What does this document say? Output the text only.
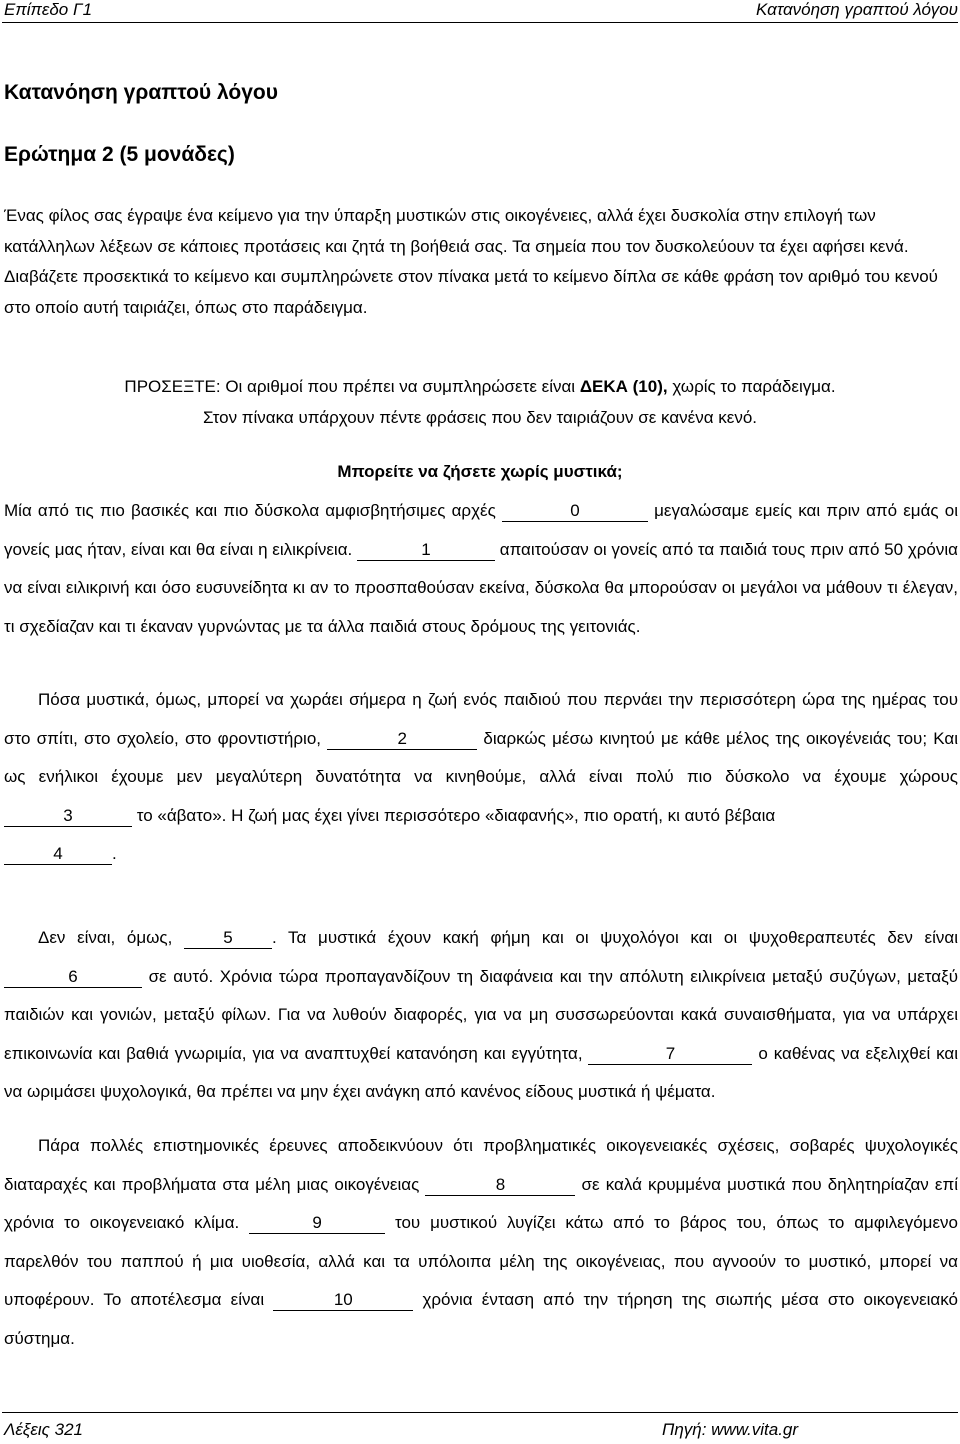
Επίπεδο Γ1	Κατανόηση γραπτού λόγου
Κατανόηση γραπτού λόγου
Ερώτημα 2 (5 μονάδες)

Ένας φίλος σας έγραψε ένα κείμενο για την ύπαρξη μυστικών στις οικογένειες, αλλά έχει δυσκολία στην επιλογή των κατάλληλων λέξεων σε κάποιες προτάσεις και ζητά τη βοήθειά σας. Τα σημεία που τον δυσκολεύουν τα έχει αφήσει κενά. Διαβάζετε προσεκτικά το κείμενο και συμπληρώνετε στον πίνακα μετά το κείμενο δίπλα σε κάθε φράση τον αριθμό του κενού στο οποίο αυτή ταιριάζει, όπως στο παράδειγμα.

ΠΡΟΣΕΞΤΕ: Οι αριθμοί που πρέπει να συμπληρώσετε είναι ΔΕΚΑ (10), χωρίς το παράδειγμα.
Στον πίνακα υπάρχουν πέντε φράσεις που δεν ταιριάζουν σε κανένα κενό.
Μπορείτε να ζήσετε χωρίς μυστικά;

Μία από τις πιο βασικές και πιο δύσκολα αμφισβητήσιμες αρχές	0	μεγαλώσαμε εμείς και πριν από εμάς οι γονείς μας ήταν, είναι και θα είναι η ειλικρίνεια.	1	απαιτούσαν οι γονείς από τα παιδιά τους πριν από 50 χρόνια να είναι ειλικρινή και όσο ευσυνείδητα κι αν το προσπαθούσαν εκείνα, δύσκολα θα μπορούσαν οι μεγάλοι να μάθουν τι έλεγαν, τι σχεδίαζαν και τι έκαναν γυρνώντας με τα άλλα παιδιά στους δρόμους της γειτονιάς.

Πόσα μυστικά, όμως, μπορεί να χωράει σήμερα η ζωή ενός παιδιού που περνάει την περισσότερη ώρα της ημέρας του στο σπίτι, στο σχολείο, στο φροντιστήριο,	2	διαρκώς μέσω κινητού με κάθε μέλος της οικογένειάς του; Και ως ενήλικοι έχουμε μεν μεγαλύτερη δυνατότητα να κινηθούμε, αλλά είναι πολύ πιο δύσκολο να έχουμε χώρους 3	το «άβατο». Η ζωή μας έχει γίνει περισσότερο «διαφανής», πιο ορατή, κι αυτό βέβαια
4	.

Δεν είναι, όμως, 5 . Τα μυστικά έχουν κακή φήμη και οι ψυχολόγοι και οι ψυχοθεραπευτές δεν είναι 6	σε αυτό. Χρόνια τώρα προπαγανδίζουν τη διαφάνεια και την απόλυτη ειλικρίνεια μεταξύ συζύγων, μεταξύ παιδιών και γονιών, μεταξύ φίλων. Για να λυθούν διαφορές, για να μη συσσωρεύονται κακά συναισθήματα, για να υπάρχει επικοινωνία και βαθιά γνωριμία, για να αναπτυχθεί κατανόηση και εγγύτητα,	7	ο καθένας να εξελιχθεί και να ωριμάσει ψυχολογικά, θα πρέπει να μην έχει ανάγκη από κανένος είδους μυστικά ή ψέματα.

Πάρα πολλές επιστημονικές έρευνες αποδεικνύουν ότι προβληματικές οικογενειακές σχέσεις, σοβαρές ψυχολογικές διαταραχές και προβλήματα στα μέλη μιας οικογένειας	8	σε καλά κρυμμένα μυστικά που δηλητηρίαζαν επί χρόνια το οικογενειακό κλίμα.	9	του μυστικού λυγίζει κάτω από το βάρος του, όπως το αμφιλεγόμενο παρελθόν του παππού ή μια υιοθεσία, αλλά και τα υπόλοιπα μέλη της οικογένειας, που αγνοούν το μυστικό, μπορεί να υποφέρουν. Το αποτέλεσμα είναι	10	χρόνια ένταση από την τήρηση της σιωπής μέσα στο οικογενειακό σύστημα.

Λέξεις 321	Πηγή: www.vita.gr
